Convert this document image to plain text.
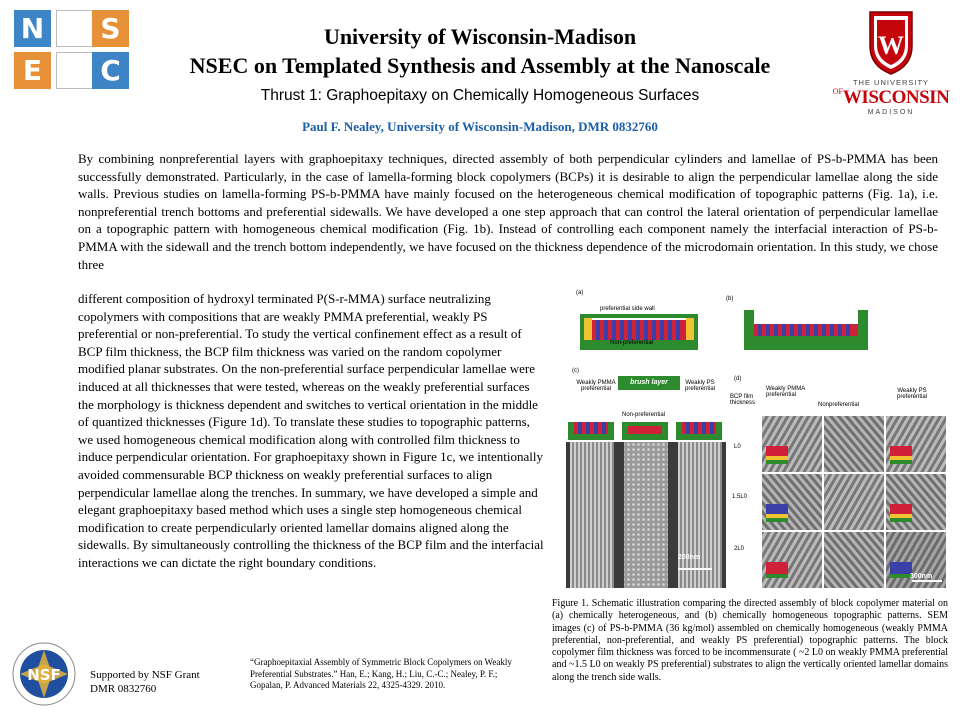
N	S
E	C
University of Wisconsin-Madison
NSEC on Templated Synthesis and Assembly at the Nanoscale
Thrust 1: Graphoepitaxy on Chemically Homogeneous Surfaces
Paul F. Nealey, University of Wisconsin-Madison, DMR 0832760
W
THE UNIVERSITY
$^{OF}$WISCONSIN
MADISON
By combining nonpreferential layers with graphoepitaxy techniques, directed assembly of both perpendicular cylinders and lamellae of PS-b-PMMA has been successfully demonstrated. Particularly, in the case of lamella-forming block copolymers (BCPs) it is desirable to align the perpendicular lamellae along the side walls. Previous studies on lamella-forming PS-b-PMMA have mainly focused on the heterogeneous chemical modification of topographic patterns (Fig. 1a), i.e. nonpreferential trench bottoms and preferential sidewalls. We have developed a one step approach that can control the lateral orientation of perpendicular lamellae on a topographic pattern with homogeneous chemical modification (Fig. 1b). Instead of controlling each component namely the interfacial interaction of PS-b-PMMA with the sidewall and the trench bottom independently, we have focused on the thickness dependence of the microdomain orientation. In this study, we chose three
different composition of hydroxyl terminated P(S-r-MMA) surface neutralizing copolymers with compositions that are weakly PMMA preferential, weakly PS preferential or non-preferential. To study the vertical confinement effect as a result of BCP film thickness, the BCP film thickness was varied on the random copolymer modified planar substrates. On the non-preferential surface perpendicular lamellae were induced at all thicknesses that were tested, whereas on the weakly preferential surfaces the morphology is thickness dependent and switches to vertical orientation in the middle of quantized thicknesses (Figure 1d). To translate these studies to topographic patterns, we used homogeneous chemical modification along with controlled film thickness to induce perpendicular orientation. For graphoepitaxy shown in Figure 1c, we intentionally avoided commensurable BCP thickness on weakly preferential surfaces to align perpendicular lamellae along the trenches. In summary, we have developed a simple and elegant graphoepitaxy based method which uses a single step homogeneous chemical modification to create perpendicularly oriented lamellar domains aligned along the sidewalls. By simultaneously controlling the thickness of the BCP film and the interfacial interactions we can dictate the right boundary conditions.
(a)
preferential side wall
Non-preferential
(b)
(c)
Weakly PMMA preferential
brush layer	Weakly PS preferential
Non-preferential
200nm
(d)
BCP film thickness
Weakly PMMA preferential
Nonpreferential
Weakly PS preferential
L0
1.5L0
2L0
300nm
Figure 1. Schematic illustration comparing the directed assembly of block copolymer material on (a) chemically heterogeneous, and (b) chemically homogeneous topographic patterns. SEM images (c) of PS-b-PMMA (36 kg/mol) assembled on chemically homogeneous (weakly PMMA preferential, non-preferential, and weakly PS preferential) topographic patterns. The block copolymer film thickness was forced to be incommensurate ( ~2 L0 on weakly PMMA preferential and ~1.5 L0 on weakly PS preferential) substrates to align the vertically oriented lamellar domains along the trench side walls.
NSF	Supported by NSF Grant
DMR 0832760
“Graphoepitaxial Assembly of Symmetric Block Copolymers on Weakly Preferential Substrates.” Han, E.; Kang, H.; Liu, C.-C.; Nealey, P. F.; Gopalan, P. Advanced Materials 22, 4325-4329. 2010.
